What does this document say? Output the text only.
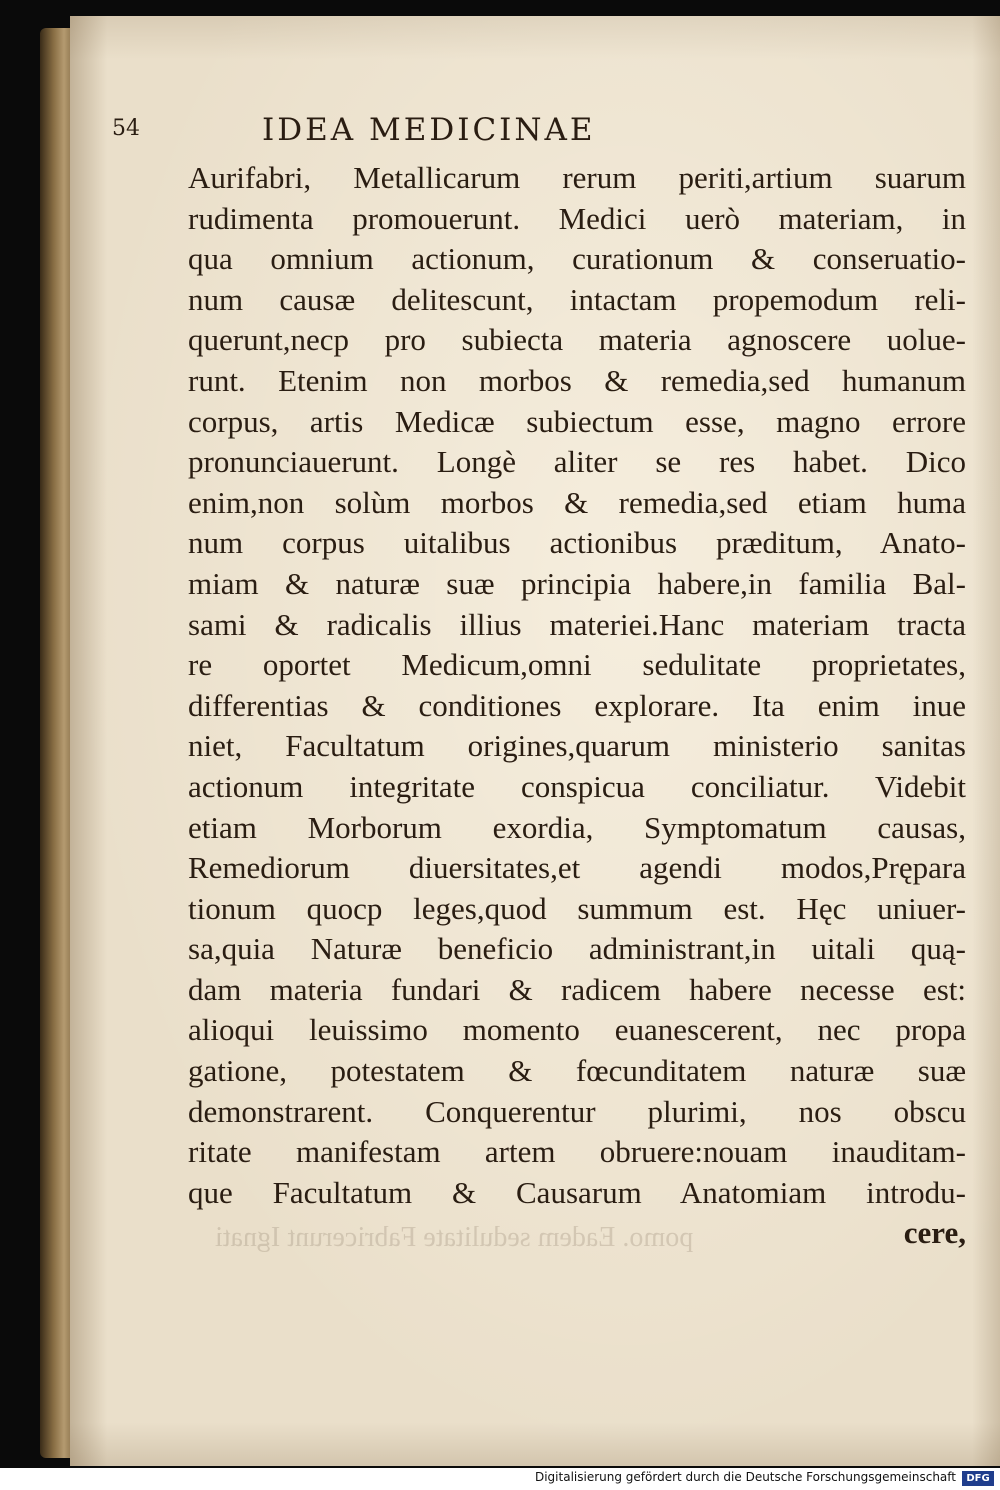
54	IDEA MEDICINAE
pomo. Eadem sedulitate Fabricerunt Ignati
Aurifabri, Metallicarum rerum periti,artium suarum
rudimenta promouerunt. Medici uerò materiam, in
qua omnium actionum, curationum & conseruatio-
num causæ delitescunt, intactam propemodum reli-
querunt,necp pro subiecta materia agnoscere uolue-
runt. Etenim non morbos & remedia,sed humanum
corpus, artis Medicæ subiectum esse, magno errore
pronunciauerunt. Longè aliter se res habet. Dico
enim,non solùm morbos & remedia,sed etiam huma
num corpus uitalibus actionibus præditum, Anato-
miam & naturæ suæ principia habere,in familia Bal-
sami & radicalis illius materiei.Hanc materiam tracta
re oportet Medicum,omni sedulitate proprietates,
differentias & conditiones explorare. Ita enim inue
niet, Facultatum origines,quarum ministerio sanitas
actionum integritate conspicua conciliatur. Videbit
etiam Morborum exordia, Symptomatum causas,
Remediorum diuersitates,et agendi modos,Prępara
tionum quocp leges,quod summum est. Hęc uniuer-
sa,quia Naturæ beneficio administrant,in uitali quą-
dam materia fundari & radicem habere necesse est:
alioqui leuissimo momento euanescerent, nec propa
gatione, potestatem & fœcunditatem naturæ suæ
demonstrarent. Conquerentur plurimi, nos obscu
ritate manifestam artem obruere:nouam inauditam-
que Facultatum & Causarum Anatomiam introdu-
cere,
Digitalisierung gefördert durch die Deutsche Forschungsgemeinschaft	DFG
